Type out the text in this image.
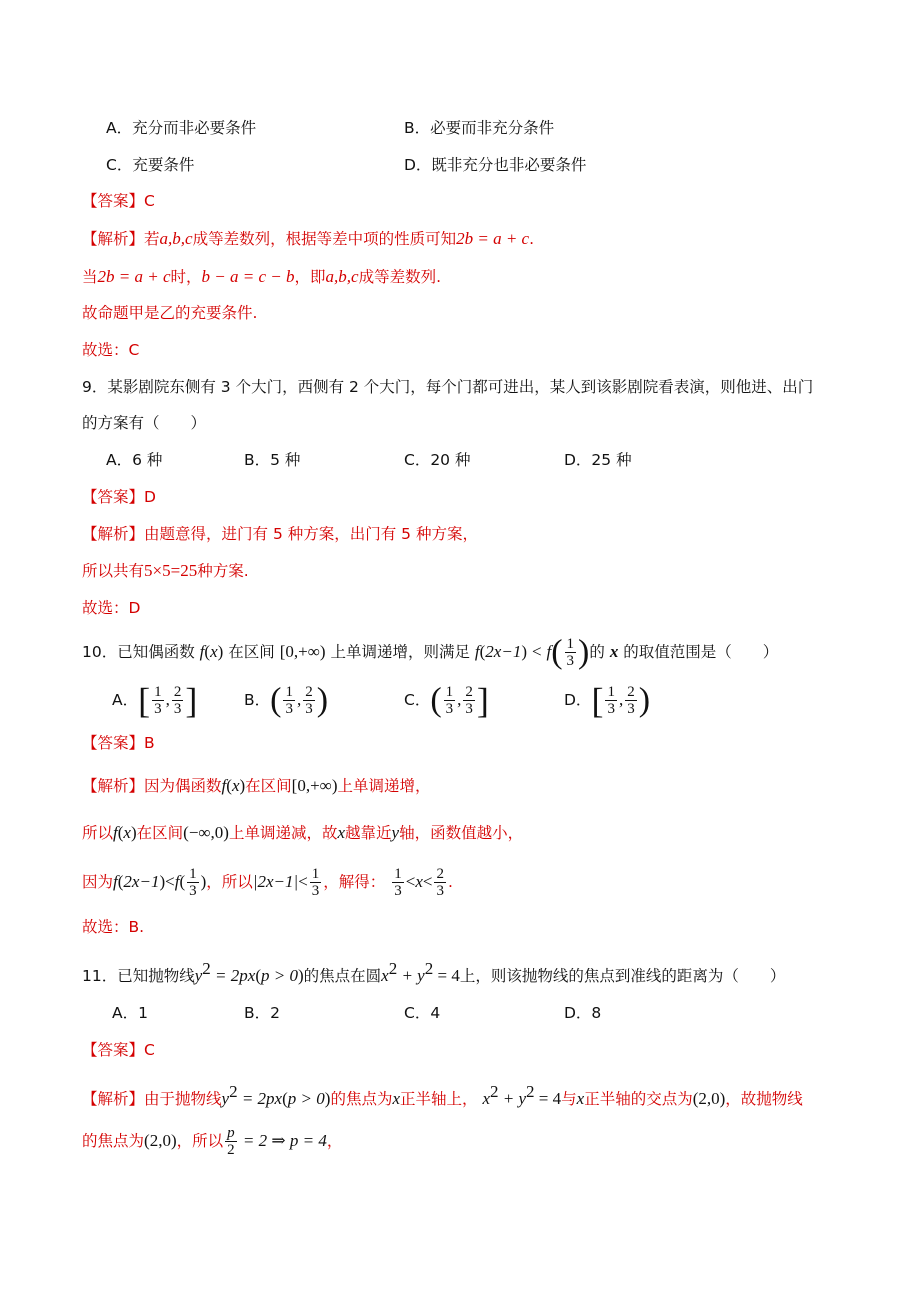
A．充分而非必要条件	B．必要而非充分条件
C．充要条件	D．既非充分也非必要条件
【答案】C
【解析】若a,b,c成等差数列，根据等差中项的性质可知2b = a + c.
当2b = a + c时，b − a = c − b，即a,b,c成等差数列.
故命题甲是乙的充要条件.
故选：C
9．某影剧院东侧有 3 个大门，西侧有 2 个大门，每个门都可进出，某人到该影剧院看表演，则他进、出门
的方案有（　　）
A．6 种	B．5 种	C．20 种	D．25 种
【答案】D
【解析】由题意得，进门有 5 种方案，出门有 5 种方案，
所以共有5×5=25种方案.
故选：D
10．已知偶函数 f(x) 在区间 [0,+∞) 上单调递增，则满足 $f(2x-1) < f( \frac{1}{3}$ )的 x 的取值范围是（　　）
A．[ $\frac{1}{3}$ , $\frac{2}{3}$ ]	B．( $\frac{1}{3}$ , $\frac{2}{3}$ )	C．( $\frac{1}{3}$ , $\frac{2}{3}$ ]	D．[ $\frac{1}{3}$ , $\frac{2}{3}$ )
【答案】B
【解析】因为偶函数f(x)在区间[0,+∞)上单调递增，
所以f(x)在区间(−∞,0)上单调递减，故x越靠近y轴，函数值越小，
因为$f(2x-1)<f( \frac{1}{3}$ )，所以$|2x-1|< \frac{1}{3}$ ，解得： $\frac{1}{3} <x< \frac{2}{3}$ .
故选：B.
11．已知抛物线$y^2 = 2px(p > 0)$的焦点在圆$x^2 + y^2 = 4$上，则该抛物线的焦点到准线的距离为（　　）
A．1	B．2	C．4	D．8
【答案】C
【解析】由于抛物线$y^2 = 2px(p > 0)$的焦点为x正半轴上， $x^2 + y^2 = 4$与x正半轴的交点为(2,0)，故抛物线
的焦点为(2,0)，所以 $\frac{p}{2} = 2$ ⇒ p = 4，
